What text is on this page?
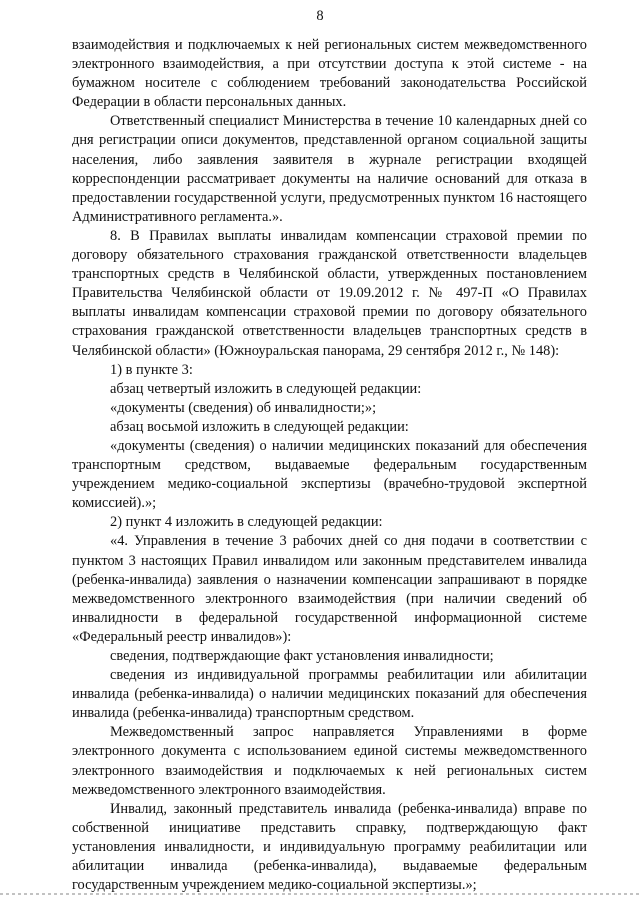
8

взаимодействия и подключаемых к ней региональных систем межведомственного электронного взаимодействия, а при отсутствии доступа к этой системе - на бумажном носителе с соблюдением требований законодательства Российской Федерации в области персональных данных.

Ответственный специалист Министерства в течение 10 календарных дней со дня регистрации описи документов, представленной органом социальной защиты населения, либо заявления заявителя в журнале регистрации входящей корреспонденции рассматривает документы на наличие оснований для отказа в предоставлении государственной услуги, предусмотренных пунктом 16 настоящего Административного регламента.».

8. В Правилах выплаты инвалидам компенсации страховой премии по договору обязательного страхования гражданской ответственности владельцев транспортных средств в Челябинской области, утвержденных постановлением Правительства Челябинской области от 19.09.2012 г. № 497-П «О Правилах выплаты инвалидам компенсации страховой премии по договору обязательного страхования гражданской ответственности владельцев транспортных средств в Челябинской области» (Южноуральская панорама, 29 сентября 2012 г., № 148):

1) в пункте 3:

абзац четвертый изложить в следующей редакции:

«документы (сведения) об инвалидности;»;

абзац восьмой изложить в следующей редакции:

«документы (сведения) о наличии медицинских показаний для обеспечения транспортным средством, выдаваемые федеральным государственным учреждением медико-социальной экспертизы (врачебно-трудовой экспертной комиссией).»;

2) пункт 4 изложить в следующей редакции:

«4. Управления в течение 3 рабочих дней со дня подачи в соответствии с пунктом 3 настоящих Правил инвалидом или законным представителем инвалида (ребенка-инвалида) заявления о назначении компенсации запрашивают в порядке межведомственного электронного взаимодействия (при наличии сведений об инвалидности в федеральной государственной информационной системе «Федеральный реестр инвалидов»):

сведения, подтверждающие факт установления инвалидности;

сведения из индивидуальной программы реабилитации или абилитации инвалида (ребенка-инвалида) о наличии медицинских показаний для обеспечения инвалида (ребенка-инвалида) транспортным средством.

Межведомственный запрос направляется Управлениями в форме электронного документа с использованием единой системы межведомственного электронного взаимодействия и подключаемых к ней региональных систем межведомственного электронного взаимодействия.

Инвалид, законный представитель инвалида (ребенка-инвалида) вправе по собственной инициативе представить справку, подтверждающую факт установления инвалидности, и индивидуальную программу реабилитации или абилитации инвалида (ребенка-инвалида), выдаваемые федеральным государственным учреждением медико-социальной экспертизы.»;
